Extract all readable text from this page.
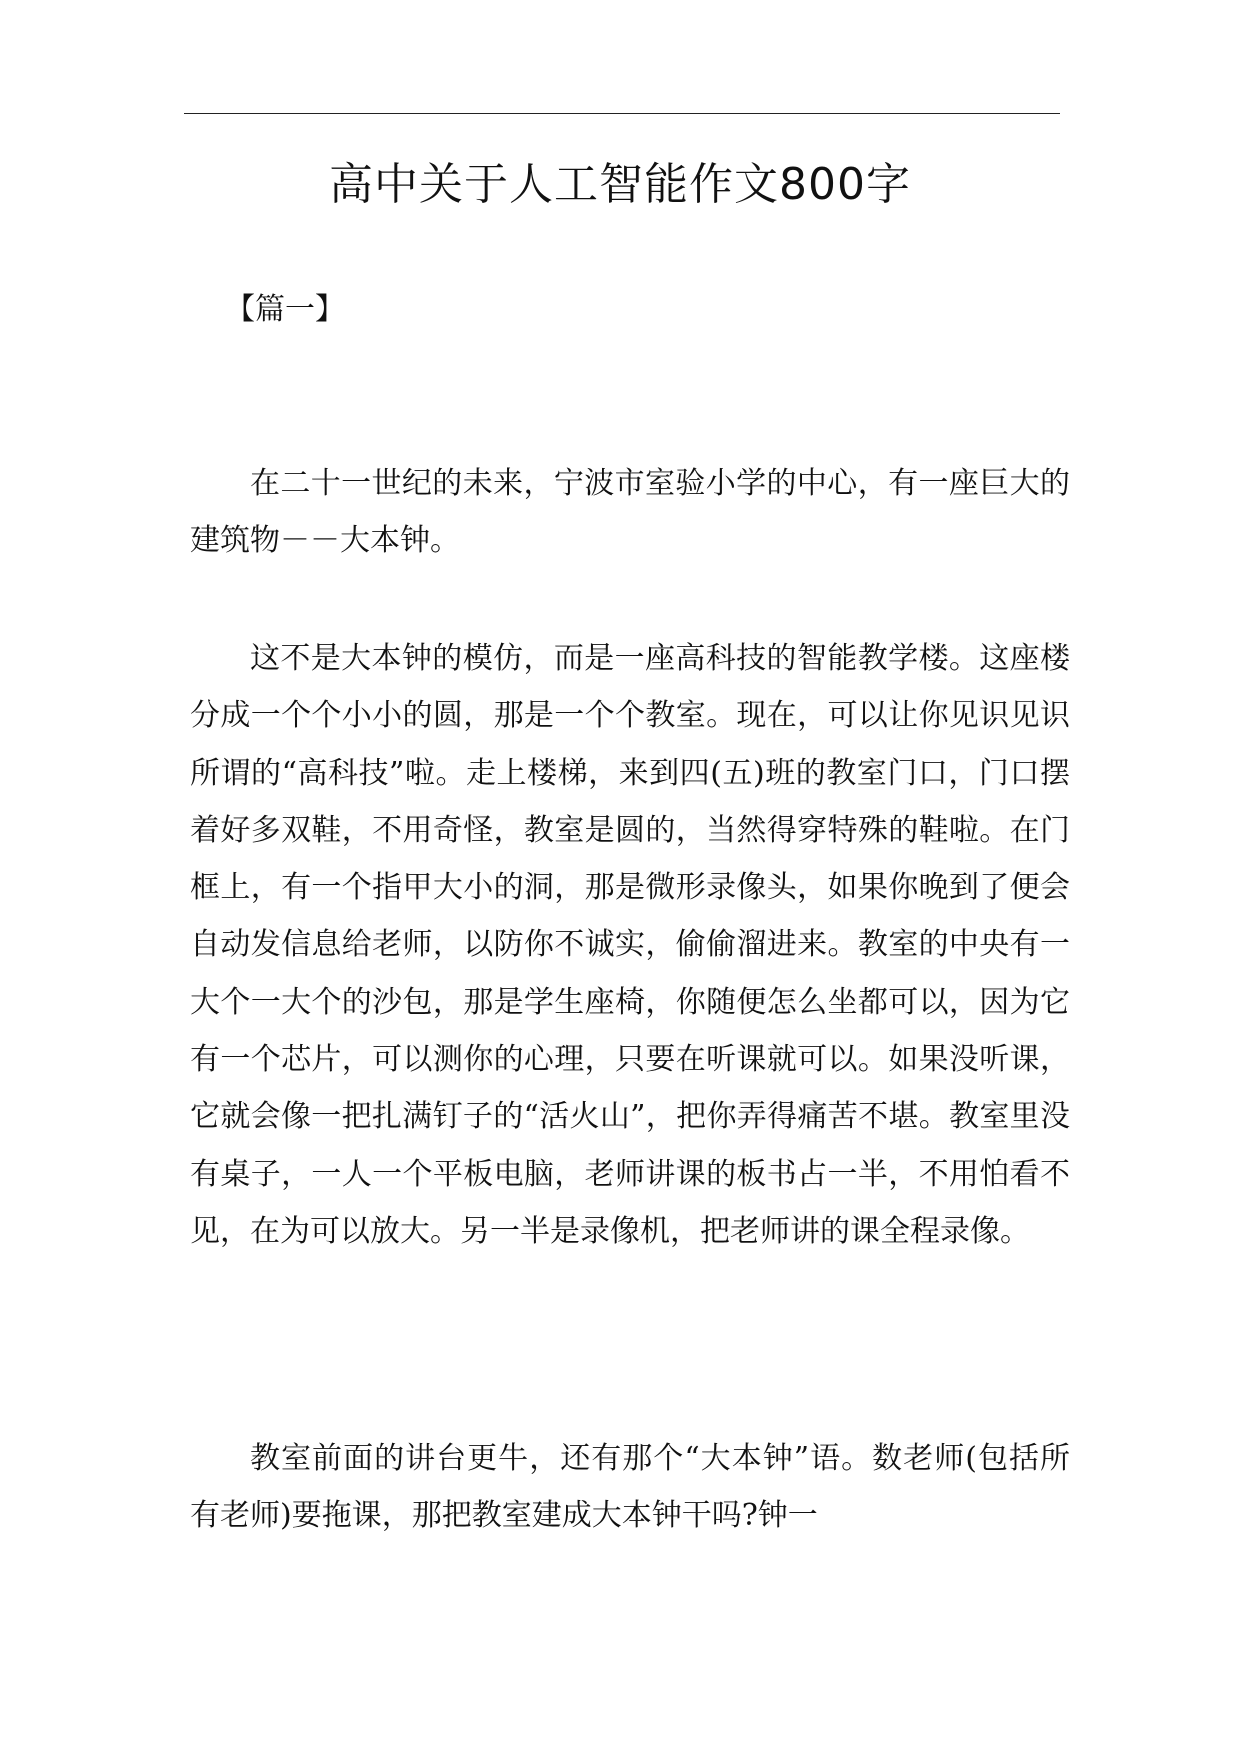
高中关于人工智能作文800字

【篇一】

在二十一世纪的未来，宁波市室验小学的中心，有一座巨大的建筑物－－大本钟。

这不是大本钟的模仿，而是一座高科技的智能教学楼。这座楼分成一个个小小的圆，那是一个个教室。现在，可以让你见识见识所谓的“高科技”啦。走上楼梯，来到四(五)班的教室门口，门口摆着好多双鞋，不用奇怪，教室是圆的，当然得穿特殊的鞋啦。在门框上，有一个指甲大小的洞，那是微形录像头，如果你晚到了便会自动发信息给老师，以防你不诚实，偷偷溜进来。教室的中央有一大个一大个的沙包，那是学生座椅，你随便怎么坐都可以，因为它有一个芯片，可以测你的心理，只要在听课就可以。如果没听课，它就会像一把扎满钉子的“活火山”，把你弄得痛苦不堪。教室里没有桌子，一人一个平板电脑，老师讲课的板书占一半，不用怕看不见，在为可以放大。另一半是录像机，把老师讲的课全程录像。

教室前面的讲台更牛，还有那个“大本钟”语。数老师(包括所有老师)要拖课，那把教室建成大本钟干吗?钟一
